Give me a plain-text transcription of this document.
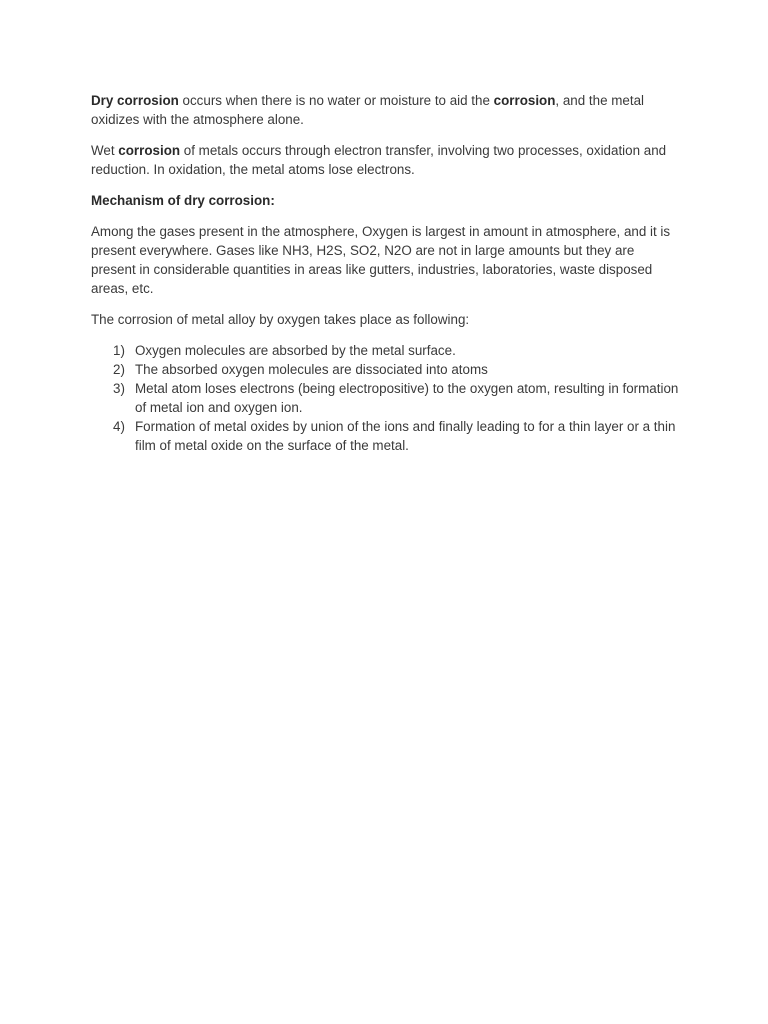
Dry corrosion occurs when there is no water or moisture to aid the corrosion, and the metal oxidizes with the atmosphere alone.

Wet corrosion of metals occurs through electron transfer, involving two processes, oxidation and reduction. In oxidation, the metal atoms lose electrons.

Mechanism of dry corrosion:

Among the gases present in the atmosphere, Oxygen is largest in amount in atmosphere, and it is present everywhere. Gases like NH3, H2S, SO2, N2O are not in large amounts but they are present in considerable quantities in areas like gutters, industries, laboratories, waste disposed areas, etc.

The corrosion of metal alloy by oxygen takes place as following:

1) Oxygen molecules are absorbed by the metal surface.
2) The absorbed oxygen molecules are dissociated into atoms
3) Metal atom loses electrons (being electropositive) to the oxygen atom, resulting in formation of metal ion and oxygen ion.
4) Formation of metal oxides by union of the ions and finally leading to for a thin layer or a thin film of metal oxide on the surface of the metal.
